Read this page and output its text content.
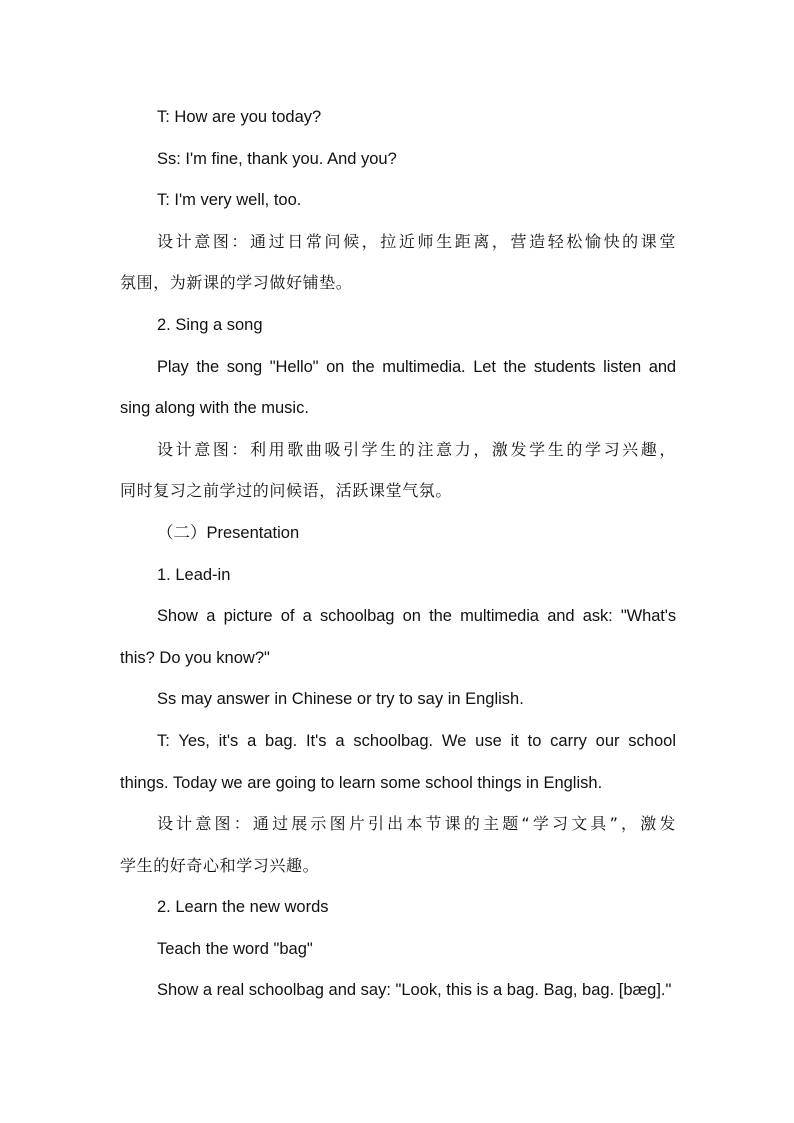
T: How are you today?
Ss: I'm fine, thank you. And you?
T: I'm very well, too.
设计意图：通过日常问候，拉近师生距离，营造轻松愉快的课堂
氛围，为新课的学习做好铺垫。
2. Sing a song
Play the song "Hello" on the multimedia. Let the students listen and
sing along with the music.
设计意图：利用歌曲吸引学生的注意力，激发学生的学习兴趣，
同时复习之前学过的问候语，活跃课堂气氛。
（二）Presentation
1. Lead-in
Show a picture of a schoolbag on the multimedia and ask: "What's
this? Do you know?"
Ss may answer in Chinese or try to say in English.
T: Yes, it's a bag. It's a schoolbag. We use it to carry our school
things. Today we are going to learn some school things in English.
设计意图：通过展示图片引出本节课的主题“学习文具”，激发
学生的好奇心和学习兴趣。
2. Learn the new words
Teach the word "bag"
Show a real schoolbag and say: "Look, this is a bag. Bag, bag. [bæg]."
